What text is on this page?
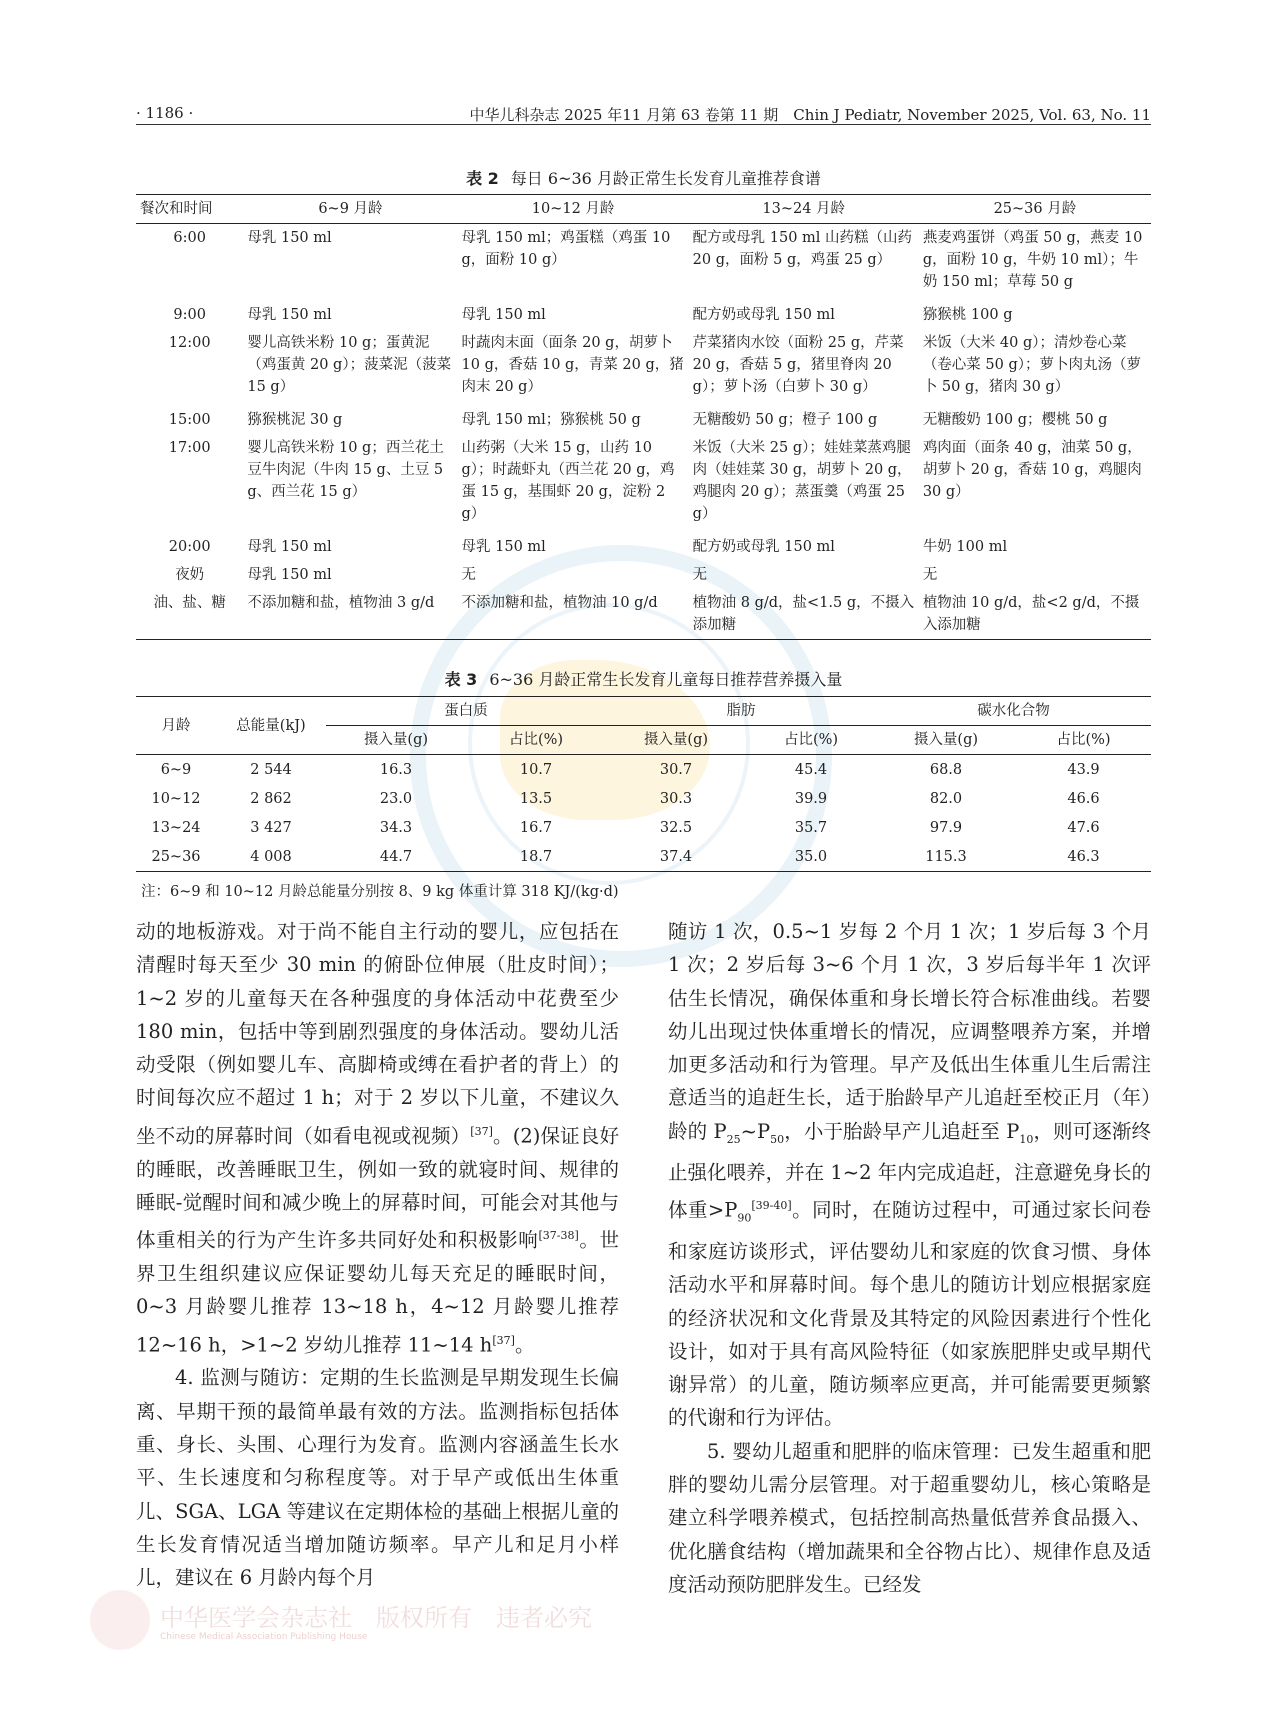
· 1186 ·	中华儿科杂志 2025 年11 月第 63 卷第 11 期　Chin J Pediatr, November 2025, Vol. 63, No. 11
表 2 每日 6~36 月龄正常生长发育儿童推荐食谱
餐次和时间	6~9 月龄	10~12 月龄	13~24 月龄	25~36 月龄
6:00	母乳 150 ml	母乳 150 ml；鸡蛋糕（鸡蛋 10 g，面粉 10 g）	配方或母乳 150 ml 山药糕（山药 20 g，面粉 5 g，鸡蛋 25 g）	燕麦鸡蛋饼（鸡蛋 50 g，燕麦 10 g，面粉 10 g，牛奶 10 ml）；牛奶 150 ml；草莓 50 g
9:00	母乳 150 ml	母乳 150 ml	配方奶或母乳 150 ml	猕猴桃 100 g
12:00	婴儿高铁米粉 10 g；蛋黄泥（鸡蛋黄 20 g）；菠菜泥（菠菜 15 g）	时蔬肉末面（面条 20 g，胡萝卜 10 g，香菇 10 g，青菜 20 g，猪肉末 20 g）	芹菜猪肉水饺（面粉 25 g，芹菜 20 g，香菇 5 g，猪里脊肉 20 g）；萝卜汤（白萝卜 30 g）	米饭（大米 40 g）；清炒卷心菜（卷心菜 50 g）；萝卜肉丸汤（萝卜 50 g，猪肉 30 g）
15:00	猕猴桃泥 30 g	母乳 150 ml；猕猴桃 50 g	无糖酸奶 50 g；橙子 100 g	无糖酸奶 100 g；樱桃 50 g
17:00	婴儿高铁米粉 10 g；西兰花土豆牛肉泥（牛肉 15 g、土豆 5 g、西兰花 15 g）	山药粥（大米 15 g，山药 10 g）；时蔬虾丸（西兰花 20 g，鸡蛋 15 g，基围虾 20 g，淀粉 2 g）	米饭（大米 25 g）；娃娃菜蒸鸡腿肉（娃娃菜 30 g，胡萝卜 20 g，鸡腿肉 20 g）；蒸蛋羹（鸡蛋 25 g）	鸡肉面（面条 40 g，油菜 50 g，胡萝卜 20 g，香菇 10 g，鸡腿肉 30 g）
20:00	母乳 150 ml	母乳 150 ml	配方奶或母乳 150 ml	牛奶 100 ml
夜奶	母乳 150 ml	无	无	无
油、盐、糖	不添加糖和盐，植物油 3 g/d	不添加糖和盐，植物油 10 g/d	植物油 8 g/d，盐<1.5 g，不摄入添加糖	植物油 10 g/d，盐<2 g/d，不摄入添加糖
表 3 6~36 月龄正常生长发育儿童每日推荐营养摄入量
月龄	总能量(kJ)	蛋白质		脂肪		碳水化合物	
		摄入量(g)	占比(%)	摄入量(g)	占比(%)	摄入量(g)	占比(%)
6~9	2 544	16.3	10.7	30.7	45.4	68.8	43.9
10~12	2 862	23.0	13.5	30.3	39.9	82.0	46.6
13~24	3 427	34.3	16.7	32.5	35.7	97.9	47.6
25~36	4 008	44.7	18.7	37.4	35.0	115.3	46.3
注：6~9 和 10~12 月龄总能量分别按 8、9 kg 体重计算 318 KJ/(kg·d)

动的地板游戏。对于尚不能自主行动的婴儿，应包括在清醒时每天至少 30 min 的俯卧位伸展（肚皮时间）；1~2 岁的儿童每天在各种强度的身体活动中花费至少 180 min，包括中等到剧烈强度的身体活动。婴幼儿活动受限（例如婴儿车、高脚椅或缚在看护者的背上）的时间每次应不超过 1 h；对于 2 岁以下儿童，不建议久坐不动的屏幕时间（如看电视或视频）[37]。(2)保证良好的睡眠，改善睡眠卫生，例如一致的就寝时间、规律的睡眠-觉醒时间和减少晚上的屏幕时间，可能会对其他与体重相关的行为产生许多共同好处和积极影响[37-38]。世界卫生组织建议应保证婴幼儿每天充足的睡眠时间，0~3 月龄婴儿推荐 13~18 h，4~12 月龄婴儿推荐 12~16 h，>1~2 岁幼儿推荐 11~14 h[37]。

4. 监测与随访：定期的生长监测是早期发现生长偏离、早期干预的最简单最有效的方法。监测指标包括体重、身长、头围、心理行为发育。监测内容涵盖生长水平、生长速度和匀称程度等。对于早产或低出生体重儿、SGA、LGA 等建议在定期体检的基础上根据儿童的生长发育情况适当增加随访频率。早产儿和足月小样儿，建议在 6 月龄内每个月

随访 1 次，0.5~1 岁每 2 个月 1 次；1 岁后每 3 个月 1 次；2 岁后每 3~6 个月 1 次，3 岁后每半年 1 次评估生长情况，确保体重和身长增长符合标准曲线。若婴幼儿出现过快体重增长的情况，应调整喂养方案，并增加更多活动和行为管理。早产及低出生体重儿生后需注意适当的追赶生长，适于胎龄早产儿追赶至校正月（年）龄的 $P_{25}\sim P_{50}$，小于胎龄早产儿追赶至 $P_{10}$，则可逐渐终止强化喂养，并在 1~2 年内完成追赶，注意避免身长的体重$>P_{90}[39-40]$。同时，在随访过程中，可通过家长问卷和家庭访谈形式，评估婴幼儿和家庭的饮食习惯、身体活动水平和屏幕时间。每个患儿的随访计划应根据家庭的经济状况和文化背景及其特定的风险因素进行个性化设计，如对于具有高风险特征（如家族肥胖史或早期代谢异常）的儿童，随访频率应更高，并可能需要更频繁的代谢和行为评估。

5. 婴幼儿超重和肥胖的临床管理：已发生超重和肥胖的婴幼儿需分层管理。对于超重婴幼儿，核心策略是建立科学喂养模式，包括控制高热量低营养食品摄入、优化膳食结构（增加蔬果和全谷物占比）、规律作息及适度活动预防肥胖发生。已经发

中华医学会杂志社　版权所有　违者必究
Chinese Medical Association Publishing House
